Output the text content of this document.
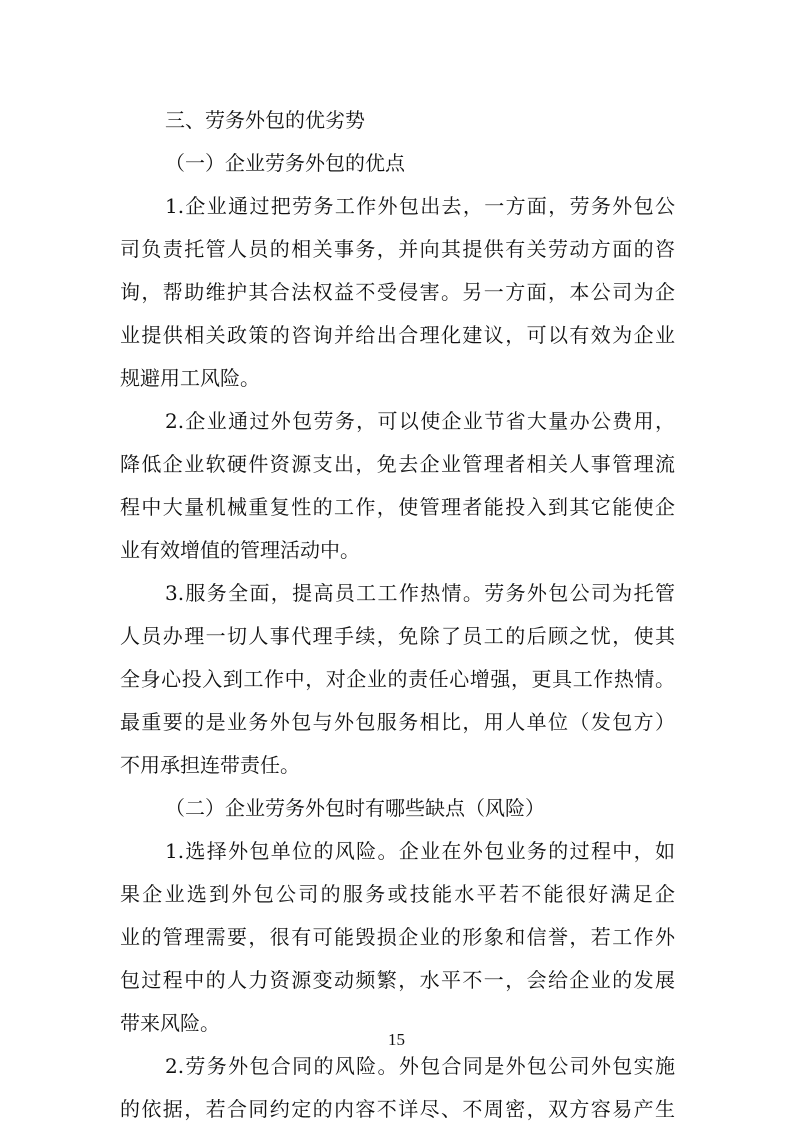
三、劳务外包的优劣势
（一）企业劳务外包的优点
1.企业通过把劳务工作外包出去，一方面，劳务外包公
司负责托管人员的相关事务，并向其提供有关劳动方面的咨
询，帮助维护其合法权益不受侵害。另一方面，本公司为企
业提供相关政策的咨询并给出合理化建议，可以有效为企业
规避用工风险。
2.企业通过外包劳务，可以使企业节省大量办公费用，
降低企业软硬件资源支出，免去企业管理者相关人事管理流
程中大量机械重复性的工作，使管理者能投入到其它能使企
业有效增值的管理活动中。
3.服务全面，提高员工工作热情。劳务外包公司为托管
人员办理一切人事代理手续，免除了员工的后顾之忧，使其
全身心投入到工作中，对企业的责任心增强，更具工作热情。
最重要的是业务外包与外包服务相比，用人单位（发包方）
不用承担连带责任。
（二）企业劳务外包时有哪些缺点（风险）
1.选择外包单位的风险。企业在外包业务的过程中，如
果企业选到外包公司的服务或技能水平若不能很好满足企
业的管理需要，很有可能毁损企业的形象和信誉，若工作外
包过程中的人力资源变动频繁，水平不一，会给企业的发展
带来风险。
2.劳务外包合同的风险。外包合同是外包公司外包实施
的依据，若合同约定的内容不详尽、不周密，双方容易产生
15
